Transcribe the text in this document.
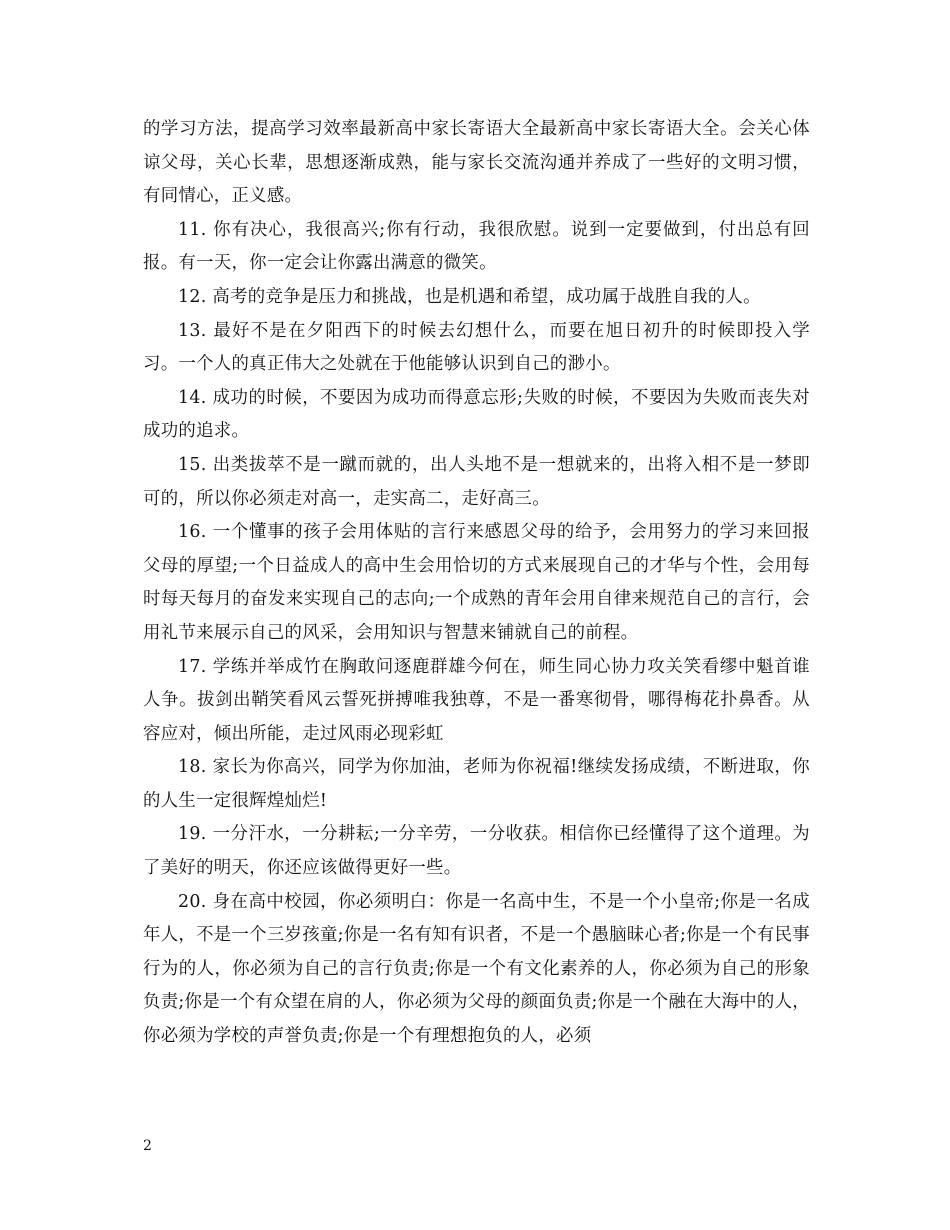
的学习方法，提高学习效率最新高中家长寄语大全最新高中家长寄语大全。会关心体谅父母，关心长辈，思想逐渐成熟，能与家长交流沟通并养成了一些好的文明习惯，有同情心，正义感。

11. 你有决心，我很高兴;你有行动，我很欣慰。说到一定要做到，付出总有回报。有一天，你一定会让你露出满意的微笑。

12. 高考的竞争是压力和挑战，也是机遇和希望，成功属于战胜自我的人。

13. 最好不是在夕阳西下的时候去幻想什么，而要在旭日初升的时候即投入学习。一个人的真正伟大之处就在于他能够认识到自己的渺小。

14. 成功的时候，不要因为成功而得意忘形;失败的时候，不要因为失败而丧失对成功的追求。

15. 出类拔萃不是一蹴而就的，出人头地不是一想就来的，出将入相不是一梦即可的，所以你必须走对高一，走实高二，走好高三。

16. 一个懂事的孩子会用体贴的言行来感恩父母的给予，会用努力的学习来回报父母的厚望;一个日益成人的高中生会用恰切的方式来展现自己的才华与个性，会用每时每天每月的奋发来实现自己的志向;一个成熟的青年会用自律来规范自己的言行，会用礼节来展示自己的风采，会用知识与智慧来铺就自己的前程。

17. 学练并举成竹在胸敢问逐鹿群雄今何在，师生同心协力攻关笑看缪中魁首谁人争。拔剑出鞘笑看风云誓死拼搏唯我独尊，不是一番寒彻骨，哪得梅花扑鼻香。从容应对，倾出所能，走过风雨必现彩虹

18. 家长为你高兴，同学为你加油，老师为你祝福!继续发扬成绩，不断进取，你的人生一定很辉煌灿烂!

19. 一分汗水，一分耕耘;一分辛劳，一分收获。相信你已经懂得了这个道理。为了美好的明天，你还应该做得更好一些。

20. 身在高中校园，你必须明白：你是一名高中生，不是一个小皇帝;你是一名成年人，不是一个三岁孩童;你是一名有知有识者，不是一个愚脑昧心者;你是一个有民事行为的人，你必须为自己的言行负责;你是一个有文化素养的人，你必须为自己的形象负责;你是一个有众望在肩的人，你必须为父母的颜面负责;你是一个融在大海中的人，你必须为学校的声誉负责;你是一个有理想抱负的人，必须

2
